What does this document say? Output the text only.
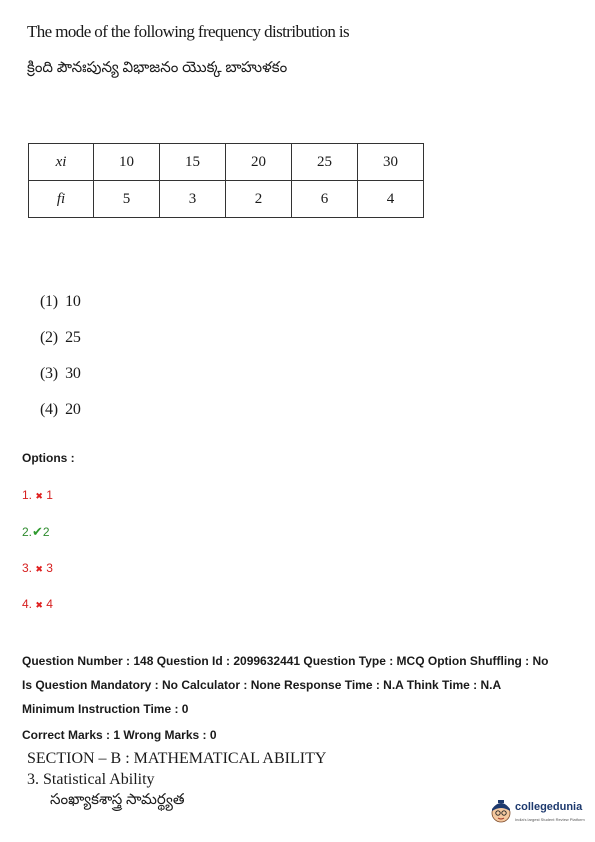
The mode of the following frequency distribution is
క్రింది పౌనఃపున్య విభాజనం యొక్క బాహుళకం
xi	10	15	20	25	30
fi	5	3	2	6	4
(1) 10
(2) 25
(3) 30
(4) 20
Options :
1. ✖ 1
2.✔2
3. ✖ 3
4. ✖ 4
Question Number : 148 Question Id : 2099632441 Question Type : MCQ Option Shuffling : No
Is Question Mandatory : No Calculator : None Response Time : N.A Think Time : N.A
Minimum Instruction Time : 0
Correct Marks : 1 Wrong Marks : 0
SECTION – B : MATHEMATICAL ABILITY
3. Statistical Ability
సంఖ్యాకశాస్త్ర సామర్థ్యత	collegedunia
India's largest Student Review Platform
